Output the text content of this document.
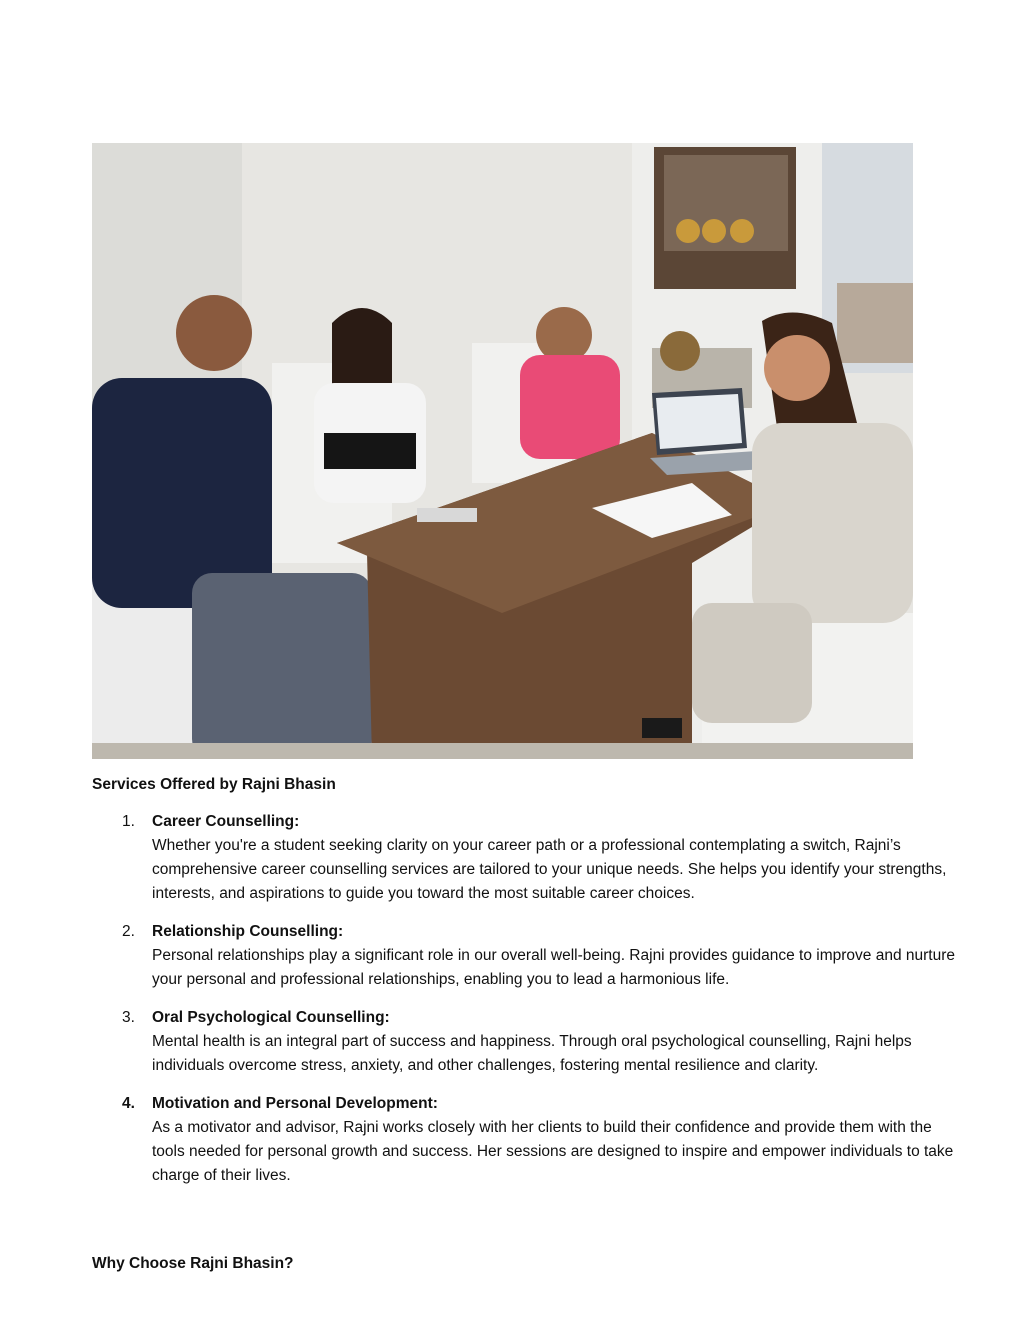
Services Offered by Rajni Bhasin
1.	Career Counselling:
Whether you're a student seeking clarity on your career path or a professional contemplating a switch, Rajni’s comprehensive career counselling services are tailored to your unique needs. She helps you identify your strengths, interests, and aspirations to guide you toward the most suitable career choices.
2.	Relationship Counselling:
Personal relationships play a significant role in our overall well-being. Rajni provides guidance to improve and nurture your personal and professional relationships, enabling you to lead a harmonious life.
3.	Oral Psychological Counselling:
Mental health is an integral part of success and happiness. Through oral psychological counselling, Rajni helps individuals overcome stress, anxiety, and other challenges, fostering mental resilience and clarity.
4.	Motivation and Personal Development:
As a motivator and advisor, Rajni works closely with her clients to build their confidence and provide them with the tools needed for personal growth and success. Her sessions are designed to inspire and empower individuals to take charge of their lives.
Why Choose Rajni Bhasin?
